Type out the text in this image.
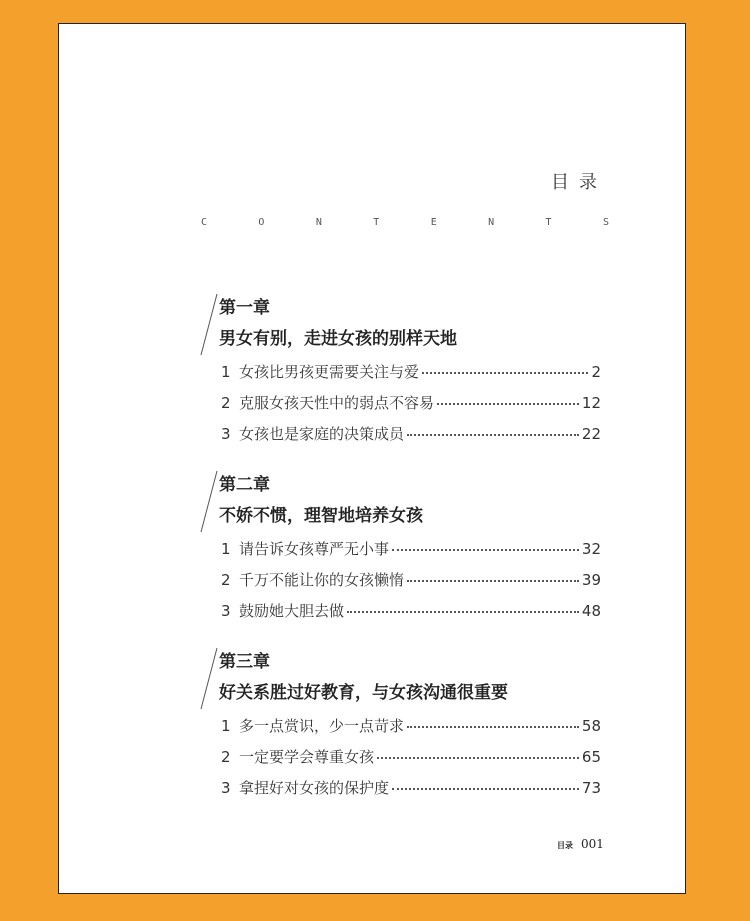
目录
C	O	N	T	E	N	T	S
第一章
男女有别，走进女孩的别样天地
1 女孩比男孩更需要关注与爱	2
2 克服女孩天性中的弱点不容易	12
3 女孩也是家庭的决策成员	22
第二章
不娇不惯，理智地培养女孩
1 请告诉女孩尊严无小事	32
2 千万不能让你的女孩懒惰	39
3 鼓励她大胆去做	48
第三章
好关系胜过好教育，与女孩沟通很重要
1 多一点赏识，少一点苛求	58
2 一定要学会尊重女孩	65
3 拿捏好对女孩的保护度	73
目录 001
